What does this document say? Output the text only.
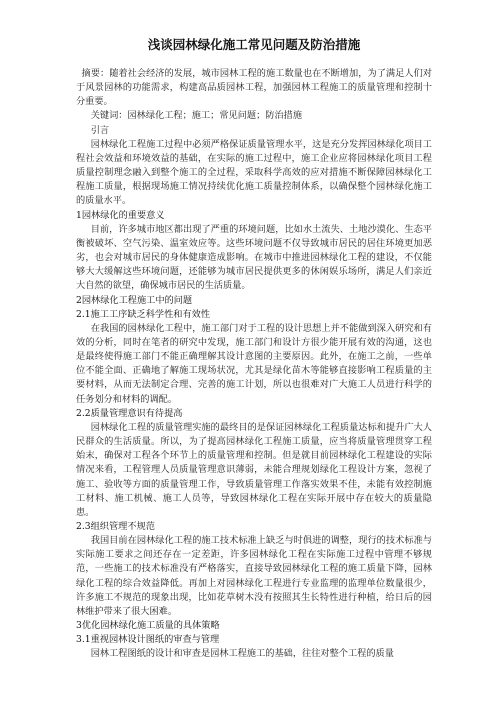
浅谈园林绿化施工常见问题及防治措施

摘要：随着社会经济的发展，城市园林工程的施工数量也在不断增加，为了满足人们对于风景园林的功能需求，构建高品质园林工程，加强园林工程施工的质量管理和控制十分重要。

关键词：园林绿化工程；施工；常见问题；防治措施

引言

园林绿化工程施工过程中必须严格保证质量管理水平，这是充分发挥园林绿化项目工程社会效益和环境效益的基础，在实际的施工过程中，施工企业应将园林绿化项目工程质量控制理念融入到整个施工的全过程，采取科学高效的应对措施不断保障园林绿化工程施工质量，根据现场施工情况持续优化施工质量控制体系，以确保整个园林绿化施工的质量水平。

1园林绿化的重要意义

目前，许多城市地区都出现了严重的环境问题，比如水土流失、土地沙漠化、生态平衡被破坏、空气污染、温室效应等。这些环境问题不仅导致城市居民的居住环境更加恶劣，也会对城市居民的身体健康造成影响。在城市中推进园林绿化工程的建设，不仅能够大大缓解这些环境问题，还能够为城市居民提供更多的休闲娱乐场所，满足人们亲近大自然的欲望，确保城市居民的生活质量。

2园林绿化工程施工中的问题

2.1施工工序缺乏科学性和有效性

在我国的园林绿化工程中，施工部门对于工程的设计思想上并不能做到深入研究和有效的分析，同时在笔者的研究中发现，施工部门和设计方很少能开展有效的沟通，这也是最终使得施工部门不能正确理解其设计意图的主要原因。此外，在施工之前，一些单位不能全面、正确地了解施工现场状况，尤其是绿化苗木等能够直接影响工程质量的主要材料，从而无法制定合理、完善的施工计划，所以也很难对广大施工人员进行科学的任务划分和材料的调配。

2.2质量管理意识有待提高

园林绿化工程的质量管理实施的最终目的是保证园林绿化工程质量达标和提升广大人民群众的生活质量。所以，为了提高园林绿化工程施工质量，应当将质量管理贯穿工程始末，确保对工程各个环节上的质量管理和控制。但是就目前园林绿化工程建设的实际情况来看，工程管理人员质量管理意识薄弱，未能合理规划绿化工程设计方案，忽视了施工、验收等方面的质量管理工作，导致质量管理工作落实效果不佳，未能有效控制施工材料、施工机械、施工人员等，导致园林绿化工程在实际开展中存在较大的质量隐患。

2.3组织管理不规范

我国目前在园林绿化工程的施工技术标准上缺乏与时俱进的调整，现行的技术标准与实际施工要求之间还存在一定差距，许多园林绿化工程在实际施工过程中管理不够规范，一些施工的技术标准没有严格落实，直接导致园林绿化工程的施工质量下降，园林绿化工程的综合效益降低。再加上对园林绿化工程进行专业监理的监理单位数量很少，许多施工不规范的现象出现，比如花草树木没有按照其生长特性进行种植，给日后的园林维护带来了很大困难。

3优化园林绿化施工质量的具体策略

3.1重视园林设计图纸的审查与管理

园林工程图纸的设计和审查是园林工程施工的基础，往往对整个工程的质量
